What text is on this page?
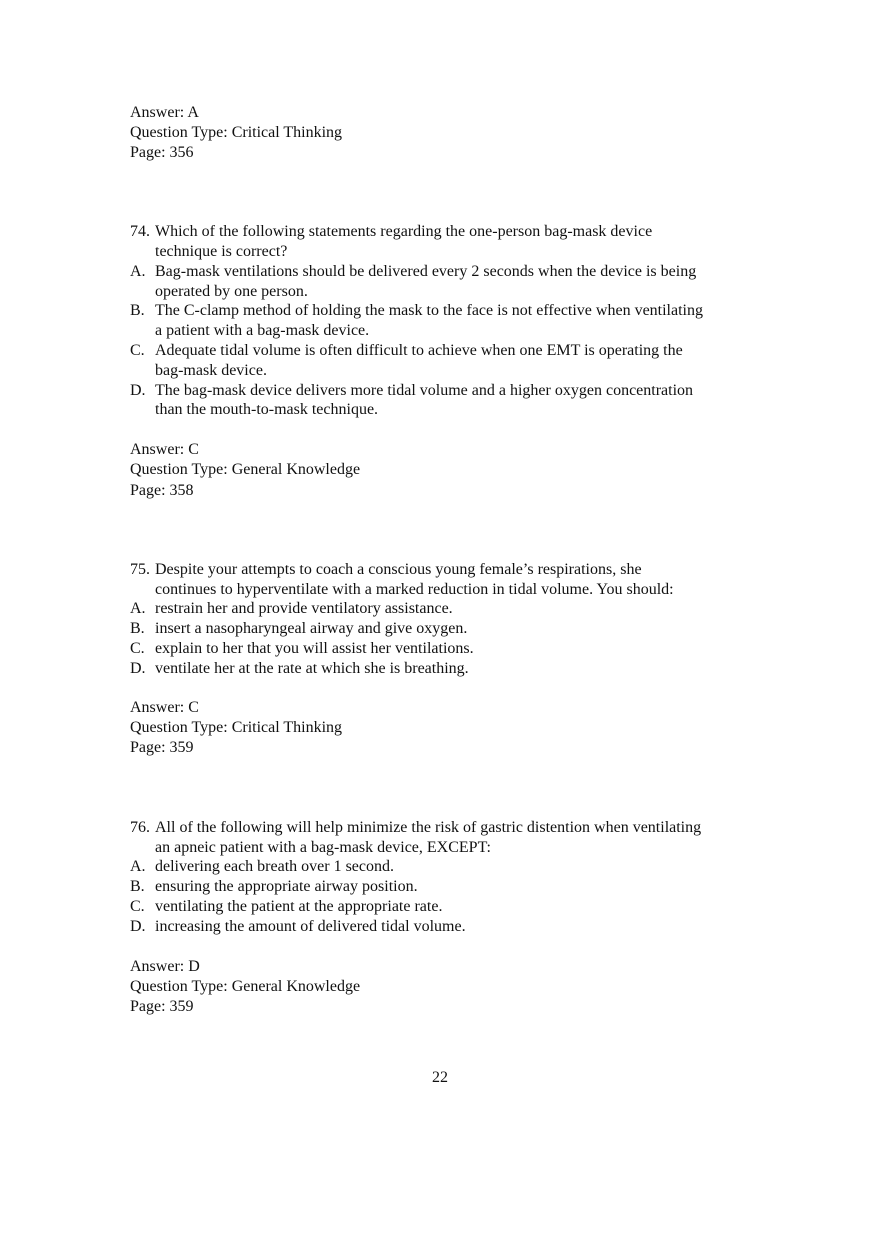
Answer: A
Question Type: Critical Thinking
Page: 356
74. Which of the following statements regarding the one-person bag-mask device
technique is correct?
A. Bag-mask ventilations should be delivered every 2 seconds when the device is being
operated by one person.
B. The C-clamp method of holding the mask to the face is not effective when ventilating
a patient with a bag-mask device.
C. Adequate tidal volume is often difficult to achieve when one EMT is operating the
bag-mask device.
D. The bag-mask device delivers more tidal volume and a higher oxygen concentration
than the mouth-to-mask technique.
Answer: C
Question Type: General Knowledge
Page: 358
75. Despite your attempts to coach a conscious young female’s respirations, she
continues to hyperventilate with a marked reduction in tidal volume. You should:
A. restrain her and provide ventilatory assistance.
B. insert a nasopharyngeal airway and give oxygen.
C. explain to her that you will assist her ventilations.
D. ventilate her at the rate at which she is breathing.
Answer: C
Question Type: Critical Thinking
Page: 359
76. All of the following will help minimize the risk of gastric distention when ventilating
an apneic patient with a bag-mask device, EXCEPT:
A. delivering each breath over 1 second.
B. ensuring the appropriate airway position.
C. ventilating the patient at the appropriate rate.
D. increasing the amount of delivered tidal volume.
Answer: D
Question Type: General Knowledge
Page: 359
22
